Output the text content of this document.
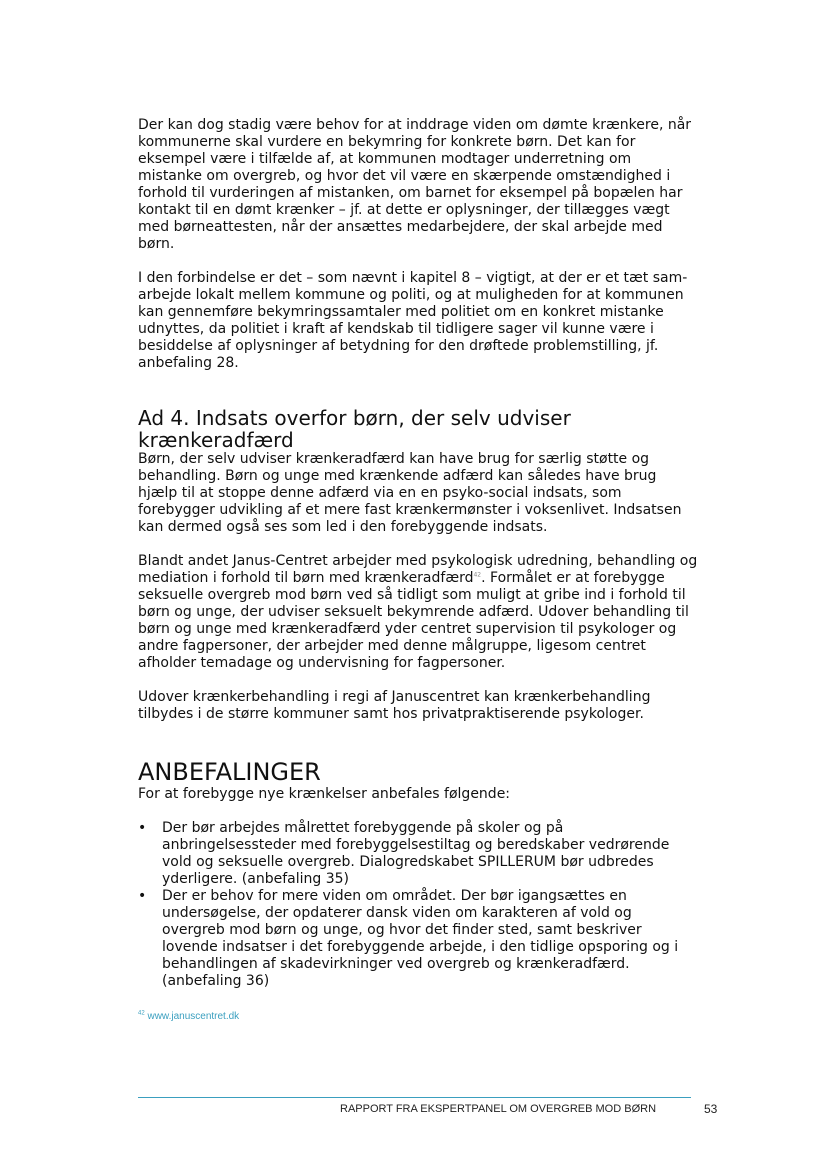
Der kan dog stadig være behov for at inddrage viden om dømte krænkere, når kommunerne skal vurdere en bekymring for konkrete børn. Det kan for eksempel være i tilfælde af, at kommunen modtager underretning om mistanke om overgreb, og hvor det vil være en skærpende omstændighed i forhold til vurderingen af mistanken, om barnet for eksempel på bopælen har kontakt til en dømt krænker – jf. at dette er oplysninger, der tillægges vægt med børneattesten, når der ansættes medarbejdere, der skal arbejde med børn.

I den forbindelse er det – som nævnt i kapitel 8 – vigtigt, at der er et tæt sam-arbejde lokalt mellem kommune og politi, og at muligheden for at kommunen kan gennemføre bekymringssamtaler med politiet om en konkret mistanke udnyttes, da politiet i kraft af kendskab til tidligere sager vil kunne være i besiddelse af oplysninger af betydning for den drøftede problemstilling, jf. anbefaling 28.

Ad 4. Indsats overfor børn, der selv udviser krænkeradfærd

Børn, der selv udviser krænkeradfærd kan have brug for særlig støtte og behandling. Børn og unge med krænkende adfærd kan således have brug hjælp til at stoppe denne adfærd via en en psyko-social indsats, som forebygger udvikling af et mere fast krænkermønster i voksenlivet. Indsatsen kan dermed også ses som led i den forebyggende indsats.

Blandt andet Janus-Centret arbejder med psykologisk udredning, behandling og mediation i forhold til børn med krænkeradfærd$^{42}$. Formålet er at forebygge seksuelle overgreb mod børn ved så tidligt som muligt at gribe ind i forhold til børn og unge, der udviser seksuelt bekymrende adfærd. Udover behandling til børn og unge med krænkeradfærd yder centret supervision til psykologer og andre fagpersoner, der arbejder med denne målgruppe, ligesom centret afholder temadage og undervisning for fagpersoner.

Udover krænkerbehandling i regi af Januscentret kan krænkerbehandling tilbydes i de større kommuner samt hos privatpraktiserende psykologer.

ANBEFALINGER

For at forebygge nye krænkelser anbefales følgende:

• Der bør arbejdes målrettet forebyggende på skoler og på anbringelsessteder med forebyggelsestiltag og beredskaber vedrørende vold og seksuelle overgreb. Dialogredskabet SPILLERUM bør udbredes yderligere. (anbefaling 35)
• Der er behov for mere viden om området. Der bør igangsættes en undersøgelse, der opdaterer dansk viden om karakteren af vold og overgreb mod børn og unge, og hvor det finder sted, samt beskriver lovende indsatser i det forebyggende arbejde, i den tidlige opsporing og i behandlingen af skadevirkninger ved overgreb og krænkeradfærd. (anbefaling 36)
$^{42}$ www.januscentret.dk
RAPPORT FRA EKSPERTPANEL OM OVERGREB MOD BØRN	53
